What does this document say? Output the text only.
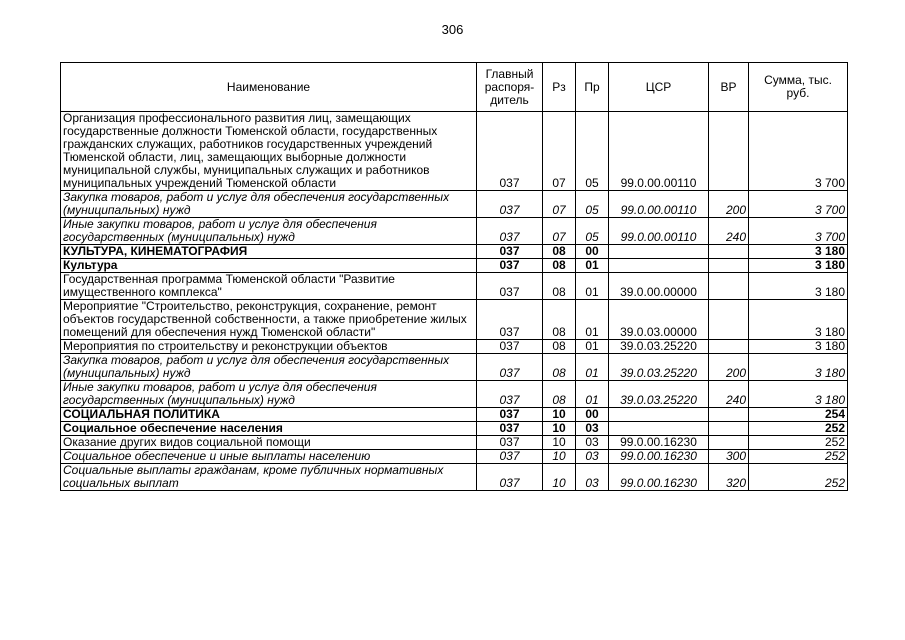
306
Наименование	Главный распоря-дитель	Рз	Пр	ЦСР	ВР	Сумма, тыс. руб.
Организация профессионального развития лиц, замещающих государственные должности Тюменской области, государственных гражданских служащих, работников государственных учреждений Тюменской области, лиц, замещающих выборные должности муниципальной службы, муниципальных служащих и работников муниципальных учреждений Тюменской области	037	07	05	99.0.00.00110		3 700
Закупка товаров, работ и услуг для обеспечения государственных (муниципальных) нужд	037	07	05	99.0.00.00110	200	3 700
Иные закупки товаров, работ и услуг для обеспечения государственных (муниципальных) нужд	037	07	05	99.0.00.00110	240	3 700
КУЛЬТУРА, КИНЕМАТОГРАФИЯ	037	08	00			3 180
Культура	037	08	01			3 180
Государственная программа Тюменской области "Развитие имущественного комплекса"	037	08	01	39.0.00.00000		3 180
Мероприятие "Строительство, реконструкция, сохранение, ремонт объектов государственной собственности, а также приобретение жилых помещений для обеспечения нужд Тюменской области"	037	08	01	39.0.03.00000		3 180
Мероприятия по строительству и реконструкции объектов	037	08	01	39.0.03.25220		3 180
Закупка товаров, работ и услуг для обеспечения государственных (муниципальных) нужд	037	08	01	39.0.03.25220	200	3 180
Иные закупки товаров, работ и услуг для обеспечения государственных (муниципальных) нужд	037	08	01	39.0.03.25220	240	3 180
СОЦИАЛЬНАЯ ПОЛИТИКА	037	10	00			254
Социальное обеспечение населения	037	10	03			252
Оказание других видов социальной помощи	037	10	03	99.0.00.16230		252
Социальное обеспечение и иные выплаты населению	037	10	03	99.0.00.16230	300	252
Социальные выплаты гражданам, кроме публичных нормативных социальных выплат	037	10	03	99.0.00.16230	320	252
